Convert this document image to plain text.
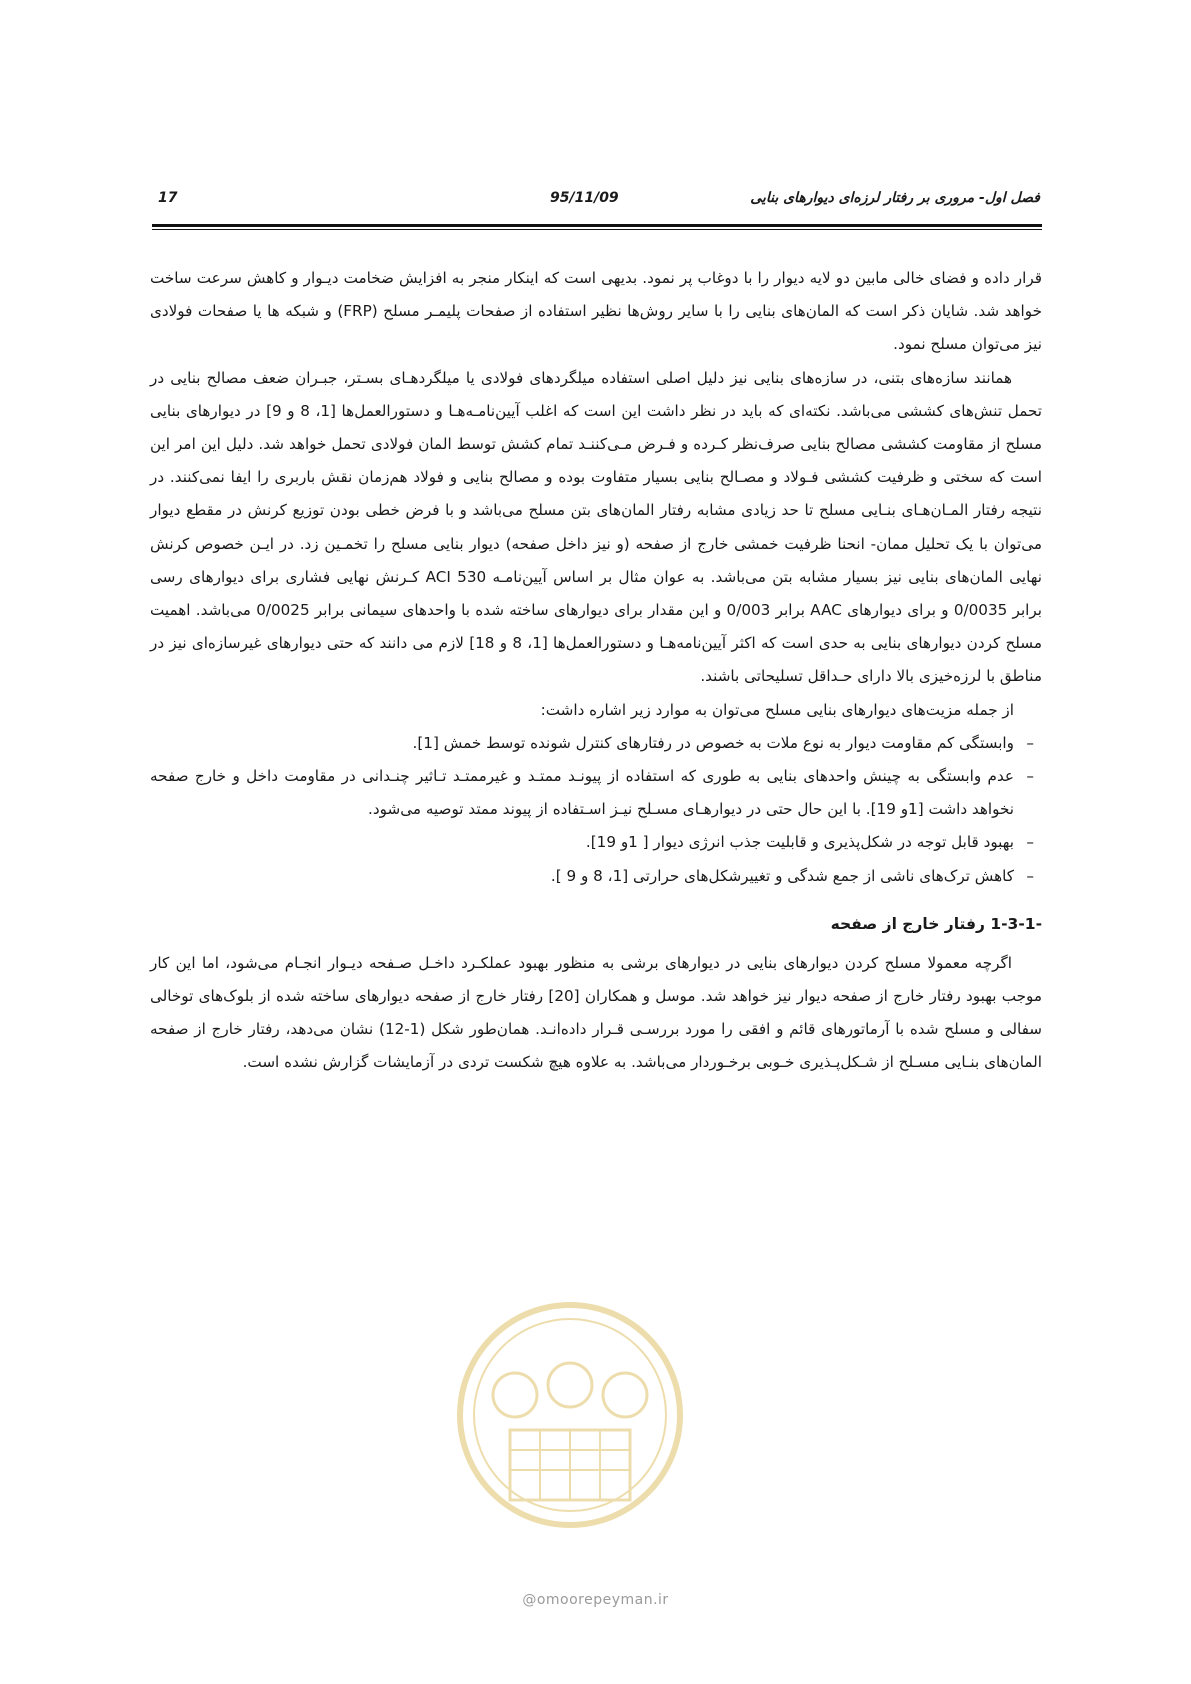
فصل اول- مروری بر رفتار لرزه‌ای دیوارهای بنایی
95/11/09
17

قرار داده و فضای خالی مابین دو لایه دیوار را با دوغاب پر نمود. بدیهی است که اینکار منجر به افزایش ضخامت دیـوار و کاهش سرعت ساخت خواهد شد. شایان ذکر است که المان‌های بنایی را با سایر روش‌ها نظیر استفاده از صفحات پلیمـر مسلح (FRP) و شبکه ها یا صفحات فولادی نیز می‌توان مسلح نمود.

همانند سازه‌های بتنی، در سازه‌های بنایی نیز دلیل اصلی استفاده میلگردهای فولادی یا میلگردهـای بسـتر، جبـران ضعف مصالح بنایی در تحمل تنش‌های کششی می‌باشد. نکته‌ای که باید در نظر داشت این است که اغلب آیین‌نامـه‌هـا و دستورالعمل‌ها [1، 8 و 9] در دیوارهای بنایی مسلح از مقاومت کششی مصالح بنایی صرف‌نظر کـرده و فـرض مـی‌کننـد تمام کشش توسط المان فولادی تحمل خواهد شد. دلیل این امر این است که سختی و ظرفیت کششی فـولاد و مصـالح بنایی بسیار متفاوت بوده و مصالح بنایی و فولاد هم‌زمان نقش باربری را ایفا نمی‌کنند. در نتیجه رفتار المـان‌هـای بنـایی مسلح تا حد زیادی مشابه رفتار المان‌های بتن مسلح می‌باشد و با فرض خطی بودن توزیع کرنش در مقطع دیوار می‌توان با یک تحلیل ممان- انحنا ظرفیت خمشی خارج از صفحه (و نیز داخل صفحه) دیوار بنایی مسلح را تخمـین زد. در ایـن خصوص کرنش نهایی المان‌های بنایی نیز بسیار مشابه بتن می‌باشد. به عوان مثال بر اساس آیین‌نامـه ACI 530 کـرنش نهایی فشاری برای دیوارهای رسی برابر 0/0035 و برای دیوارهای AAC برابر 0/003 و این مقدار برای دیوارهای ساخته شده با واحدهای سیمانی برابر 0/0025 می‌باشد. اهمیت مسلح کردن دیوارهای بنایی به حدی است که اکثر آیین‌نامه‌هـا و دستورالعمل‌ها [1، 8 و 18] لازم می دانند که حتی دیوارهای غیرسازه‌ای نیز در مناطق با لرزه‌خیزی بالا دارای حـداقل تسلیحاتی باشند.

از جمله مزیت‌های دیوارهای بنایی مسلح می‌توان به موارد زیر اشاره داشت:

–
وابستگی کم مقاومت دیوار به نوع ملات به خصوص در رفتارهای کنترل شونده توسط خمش [1].
–
عدم وابستگی به چینش واحدهای بنایی به طوری که استفاده از پیونـد ممتـد و غیرممتـد تـاثیر چنـدانی در مقاومت داخل و خارج صفحه نخواهد داشت [1و 19]. با این حال حتی در دیوارهـای مسـلح نیـز اسـتفاده از پیوند ممتد توصیه می‌شود.
–
بهبود قابل توجه در شکل‌پذیری و قابلیت جذب انرژی دیوار [ 1و 19].
–
کاهش ترک‌های ناشی از جمع شدگی و تغییرشکل‌های حرارتی [1، 8 و 9 ].
1-3-1- رفتار خارج از صفحه

اگرچه معمولا مسلح کردن دیوارهای بنایی در دیوارهای برشی به منظور بهبود عملکـرد داخـل صـفحه دیـوار انجـام می‌شود، اما این کار موجب بهبود رفتار خارج از صفحه دیوار نیز خواهد شد. موسل و همکاران [20] رفتار خارج از صفحه دیوارهای ساخته شده از بلوک‌های توخالی سفالی و مسلح شده با آرماتورهای قائم و افقی را مورد بررسـی قـرار داده‌انـد. همان‌طور شکل (1-12) نشان می‌دهد، رفتار خارج از صفحه المان‌های بنـایی مسـلح از شـکل‌پـذیری خـوبی برخـوردار می‌باشد. به علاوه هیچ شکست تردی در آزمایشات گزارش نشده است.

@omoorepeyman.ir
